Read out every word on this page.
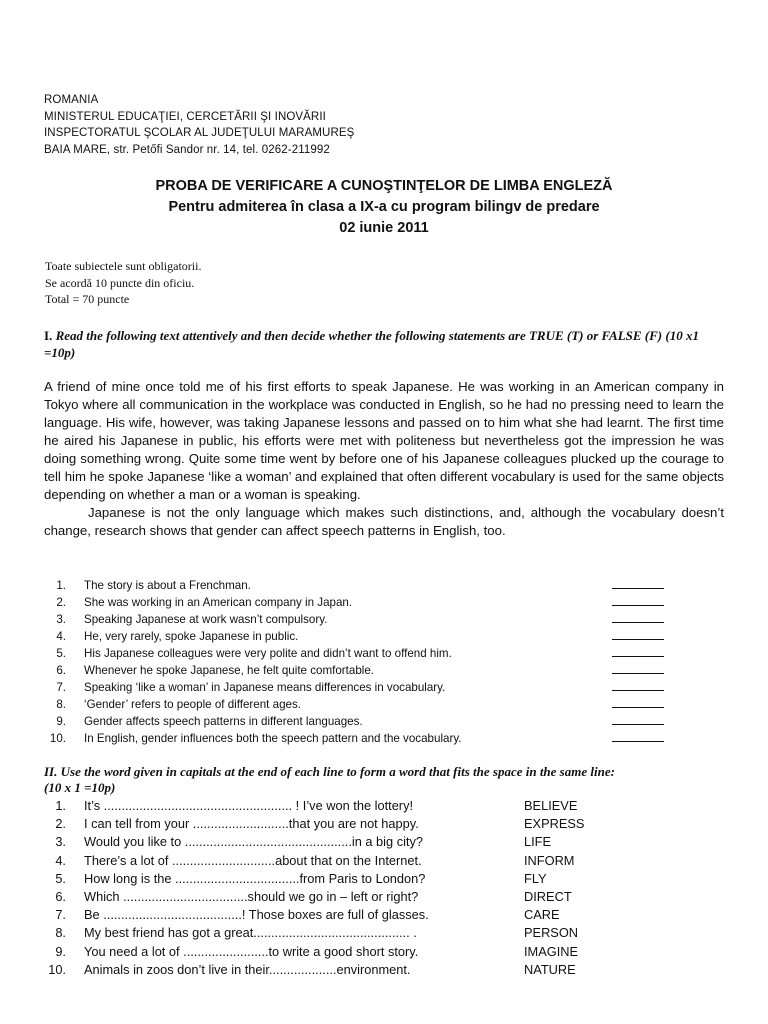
ROMANIA
MINISTERUL EDUCAŢIEI, CERCETĂRII ŞI INOVĂRII
INSPECTORATUL ŞCOLAR AL JUDEŢULUI MARAMUREŞ
BAIA MARE, str. Petőfi Sandor nr. 14, tel. 0262-211992
PROBA DE VERIFICARE A CUNOŞTINŢELOR DE LIMBA ENGLEZĂ
Pentru admiterea în clasa a IX-a cu program bilingv de predare
02 iunie 2011
Toate subiectele sunt obligatorii.
Se acordă 10 puncte din oficiu.
Total = 70 puncte
I. Read the following text attentively and then decide whether the following statements are TRUE (T) or FALSE (F) (10 x1 =10p)

A friend of mine once told me of his first efforts to speak Japanese. He was working in an American company in Tokyo where all communication in the workplace was conducted in English, so he had no pressing need to learn the language. His wife, however, was taking Japanese lessons and passed on to him what she had learnt. The first time he aired his Japanese in public, his efforts were met with politeness but nevertheless got the impression he was doing something wrong. Quite some time went by before one of his Japanese colleagues plucked up the courage to tell him he spoke Japanese ‘like a woman’ and explained that often different vocabulary is used for the same objects depending on whether a man or a woman is speaking.

Japanese is not the only language which makes such distinctions, and, although the vocabulary doesn’t change, research shows that gender can affect speech patterns in English, too.

1. The story is about a Frenchman.
2. She was working in an American company in Japan.
3. Speaking Japanese at work wasn’t compulsory.
4. He, very rarely, spoke Japanese in public.
5. His Japanese colleagues were very polite and didn’t want to offend him.
6. Whenever he spoke Japanese, he felt quite comfortable.
7. Speaking ‘like a woman’ in Japanese means differences in vocabulary.
8. ‘Gender’ refers to people of different ages.
9. Gender affects speech patterns in different languages.
10. In English, gender influences both the speech pattern and the vocabulary.
II. Use the word given in capitals at the end of each line to form a word that fits the space in the same line:
(10 x 1 =10p)
1. It’s ..................................................... ! I’ve won the lottery!	BELIEVE
2. I can tell from your ...........................that you are not happy.	EXPRESS
3. Would you like to ...............................................in a big city?	LIFE
4. There’s a lot of .............................about that on the Internet.	INFORM
5. How long is the ...................................from Paris to London?	FLY
6. Which ...................................should we go in – left or right?	DIRECT
7. Be .......................................! Those boxes are full of glasses.	CARE
8. My best friend has got a great............................................ .	PERSON
9. You need a lot of ........................to write a good short story.	IMAGINE
10. Animals in zoos don’t live in their...................environment.	NATURE
